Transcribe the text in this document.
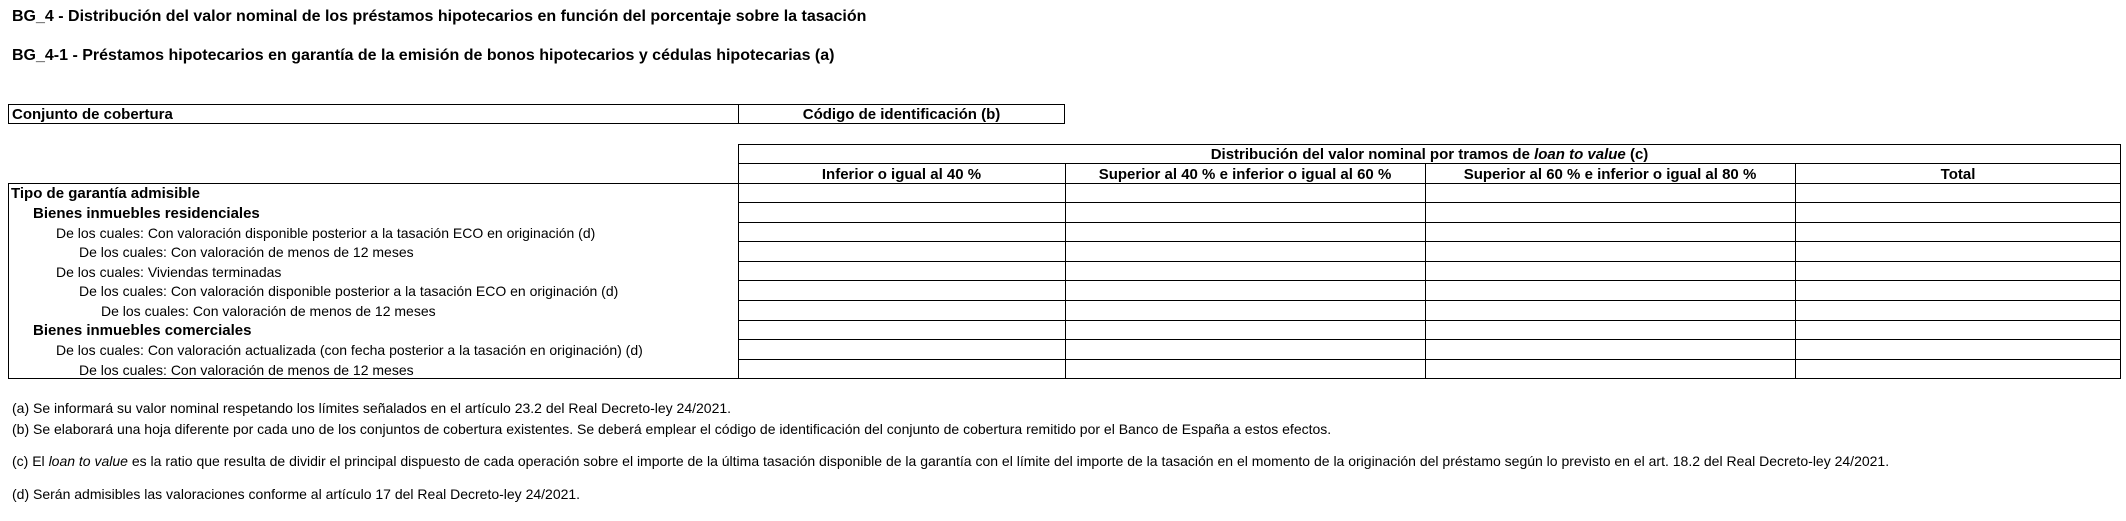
BG_4 - Distribución del valor nominal de los préstamos hipotecarios en función del porcentaje sobre la tasación
BG_4-1 - Préstamos hipotecarios en garantía de la emisión de bonos hipotecarios y cédulas hipotecarias (a)
Conjunto de cobertura	Código de identificación (b)
Distribución del valor nominal por tramos de loan to value (c)
Inferior o igual al 40 %	Superior al 40 % e inferior o igual al 60 %	Superior al 60 % e inferior o igual al 80 %	Total
Tipo de garantía admisible
Bienes inmuebles residenciales
De los cuales: Con valoración disponible posterior a la tasación ECO en originación (d)
De los cuales: Con valoración de menos de 12 meses
De los cuales: Viviendas terminadas
De los cuales: Con valoración disponible posterior a la tasación ECO en originación (d)
De los cuales: Con valoración de menos de 12 meses
Bienes inmuebles comerciales
De los cuales: Con valoración actualizada (con fecha posterior a la tasación en originación) (d)
De los cuales: Con valoración de menos de 12 meses
(a) Se informará su valor nominal respetando los límites señalados en el artículo 23.2 del Real Decreto-ley 24/2021.
(b) Se elaborará una hoja diferente por cada uno de los conjuntos de cobertura existentes. Se deberá emplear el código de identificación del conjunto de cobertura remitido por el Banco de España a estos efectos.
(c) El loan to value es la ratio que resulta de dividir el principal dispuesto de cada operación sobre el importe de la última tasación disponible de la garantía con el límite del importe de la tasación en el momento de la originación del préstamo según lo previsto en el art. 18.2 del Real Decreto-ley 24/2021.
(d) Serán admisibles las valoraciones conforme al artículo 17 del Real Decreto-ley 24/2021.
